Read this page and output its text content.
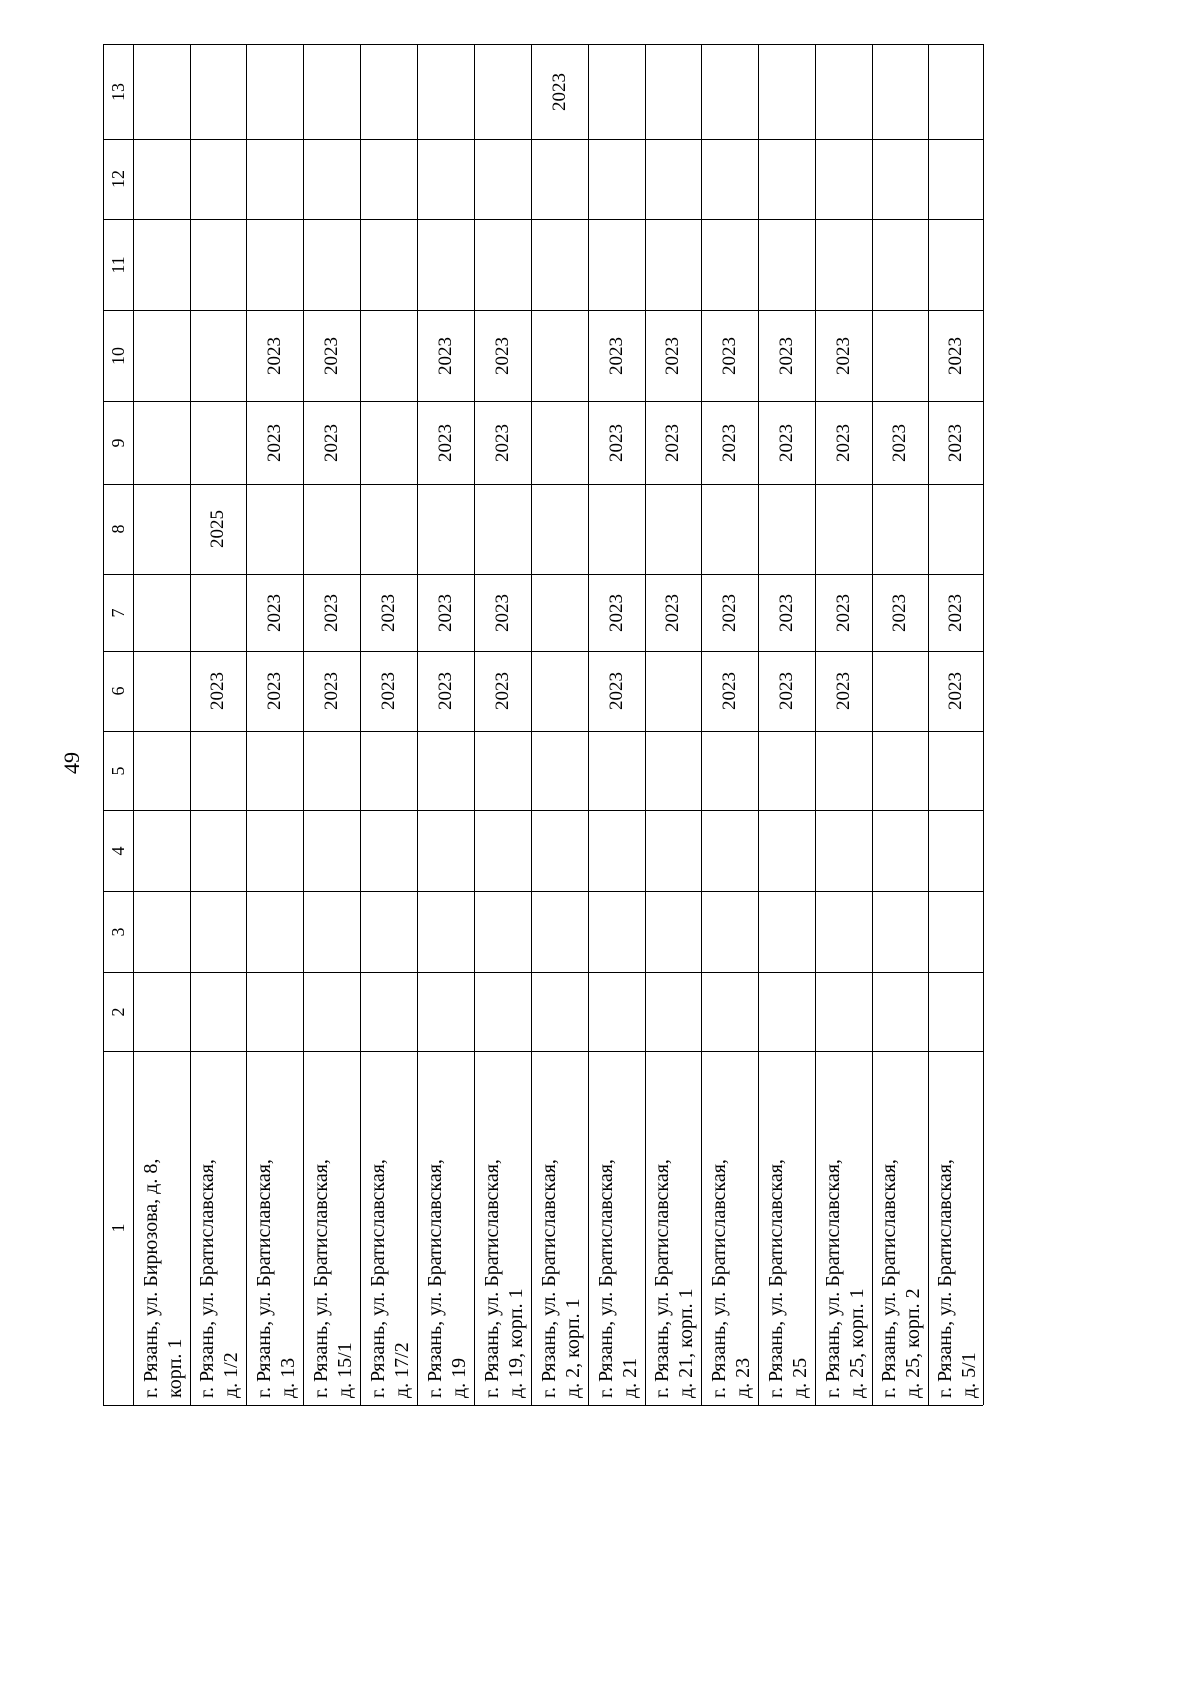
49
13
12
11
10
9
8
7
6
5
4
3
2
1
г. Рязань, ул. Бирюзова, д. 8,
корп. 1
г. Рязань, ул. Братиславская,
д. 1/2
2023
2025
г. Рязань, ул. Братиславская,
д. 13
2023
2023
2023
2023
г. Рязань, ул. Братиславская,
д. 15/1
2023
2023
2023
2023
г. Рязань, ул. Братиславская,
д. 17/2
2023
2023
г. Рязань, ул. Братиславская,
д. 19
2023
2023
2023
2023
г. Рязань, ул. Братиславская,
д. 19, корп. 1
2023
2023
2023
2023
г. Рязань, ул. Братиславская,
д. 2, корп. 1
2023
г. Рязань, ул. Братиславская,
д. 21
2023
2023
2023
2023
г. Рязань, ул. Братиславская,
д. 21, корп. 1
2023
2023
2023
г. Рязань, ул. Братиславская,
д. 23
2023
2023
2023
2023
г. Рязань, ул. Братиславская,
д. 25
2023
2023
2023
2023
г. Рязань, ул. Братиславская,
д. 25, корп. 1
2023
2023
2023
2023
г. Рязань, ул. Братиславская,
д. 25, корп. 2
2023
2023
г. Рязань, ул. Братиславская,
д. 5/1
2023
2023
2023
2023
